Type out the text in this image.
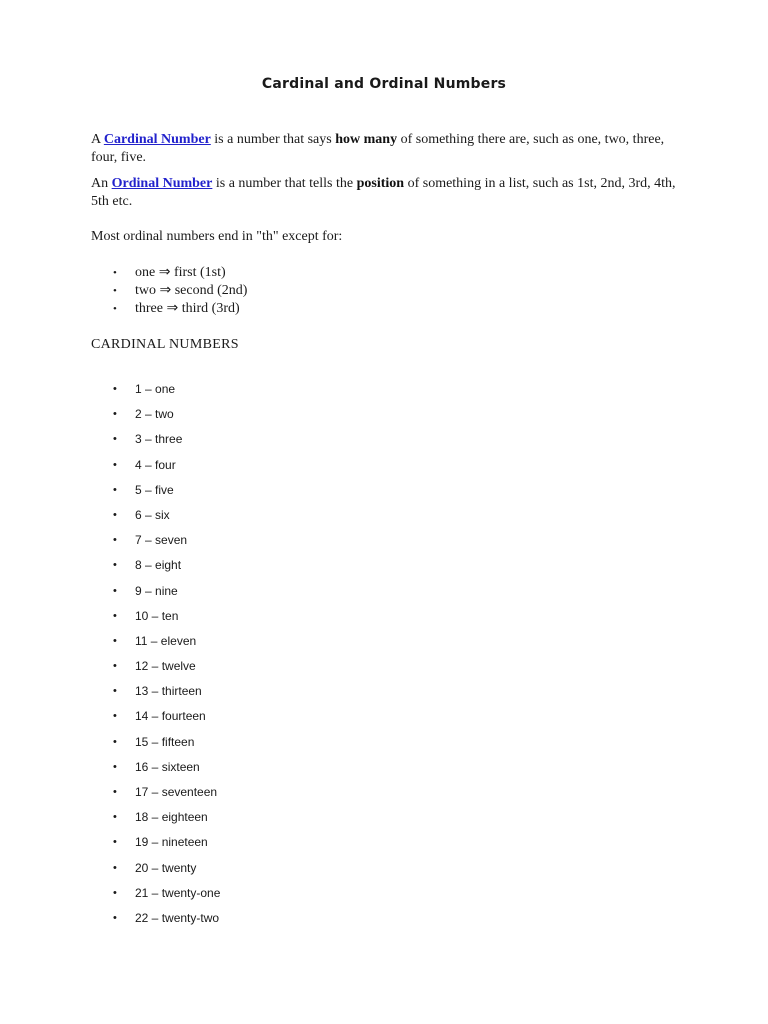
Cardinal and Ordinal Numbers

A Cardinal Number is a number that says how many of something there are, such as one, two, three, four, five.

An Ordinal Number is a number that tells the position of something in a list, such as 1st, 2nd, 3rd, 4th, 5th etc.

Most ordinal numbers end in "th" except for:

• one ⇒ first (1st)
• two ⇒ second (2nd)
• three ⇒ third (3rd)
CARDINAL NUMBERS
• 1 – one
• 2 – two
• 3 – three
• 4 – four
• 5 – five
• 6 – six
• 7 – seven
• 8 – eight
• 9 – nine
• 10 – ten
• 11 – eleven
• 12 – twelve
• 13 – thirteen
• 14 – fourteen
• 15 – fifteen
• 16 – sixteen
• 17 – seventeen
• 18 – eighteen
• 19 – nineteen
• 20 – twenty
• 21 – twenty-one
• 22 – twenty-two
